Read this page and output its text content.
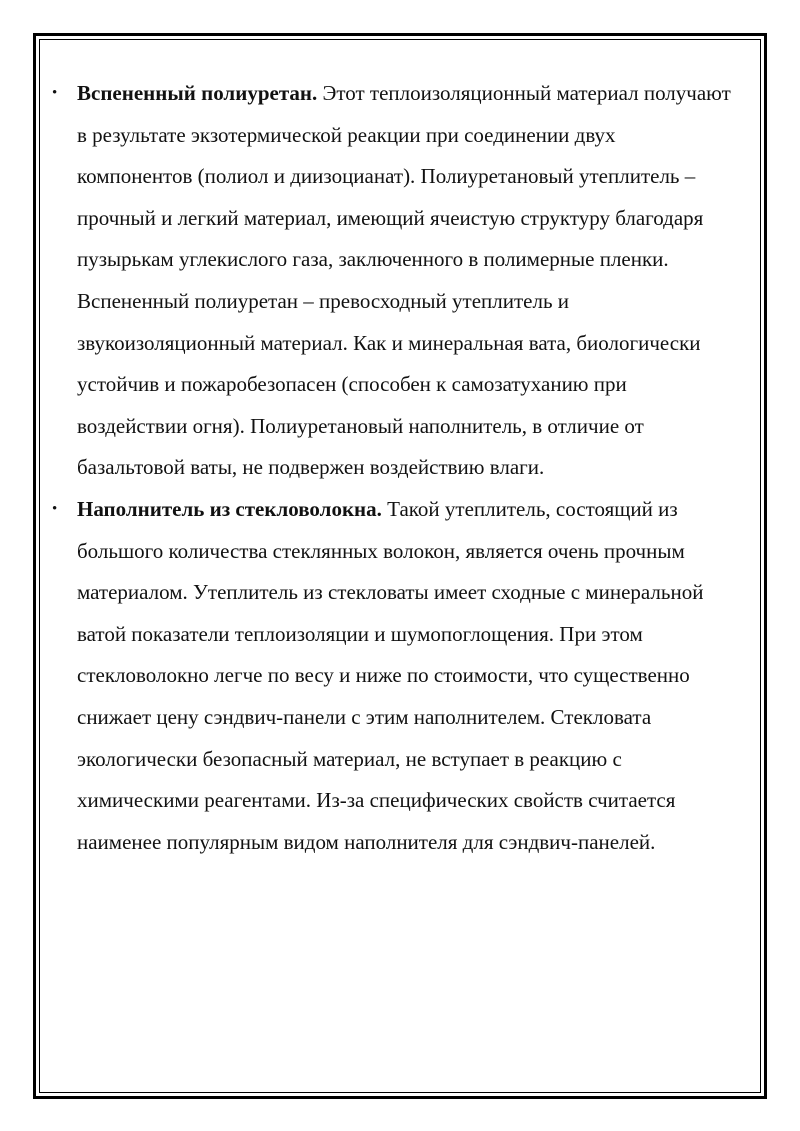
• Вспененный полиуретан. Этот теплоизоляционный материал получают в результате экзотермической реакции при соединении двух компонентов (полиол и диизоцианат). Полиуретановый утеплитель – прочный и легкий материал, имеющий ячеистую структуру благодаря пузырькам углекислого газа, заключенного в полимерные пленки. Вспененный полиуретан – превосходный утеплитель и звукоизоляционный материал. Как и минеральная вата, биологически устойчив и пожаробезопасен (способен к самозатуханию при воздействии огня). Полиуретановый наполнитель, в отличие от базальтовой ваты, не подвержен воздействию влаги.
• Наполнитель из стекловолокна. Такой утеплитель, состоящий из большого количества стеклянных волокон, является очень прочным материалом. Утеплитель из стекловаты имеет сходные с минеральной ватой показатели теплоизоляции и шумопоглощения. При этом стекловолокно легче по весу и ниже по стоимости, что существенно снижает цену сэндвич-панели с этим наполнителем. Стекловата экологически безопасный материал, не вступает в реакцию с химическими реагентами. Из-за специфических свойств считается наименее популярным видом наполнителя для сэндвич-панелей.
